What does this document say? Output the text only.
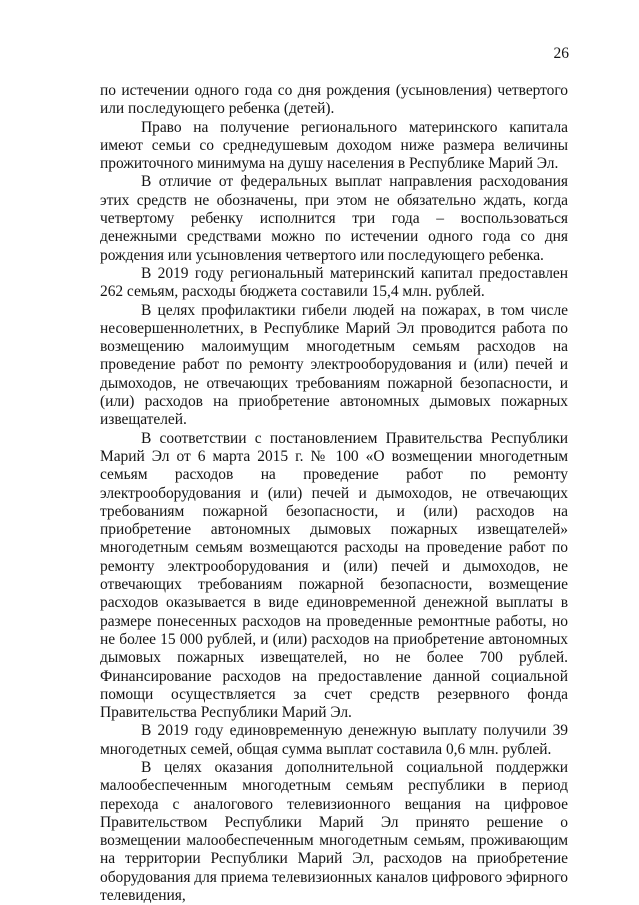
26

по истечении одного года со дня рождения (усыновления) четвертого или последующего ребенка (детей).

Право на получение регионального материнского капитала имеют семьи со среднедушевым доходом ниже размера величины прожиточного минимума на душу населения в Республике Марий Эл.

В отличие от федеральных выплат направления расходования этих средств не обозначены, при этом не обязательно ждать, когда четвертому ребенку исполнится три года – воспользоваться денежными средствами можно по истечении одного года со дня рождения или усыновления четвертого или последующего ребенка.

В 2019 году региональный материнский капитал предоставлен 262 семьям, расходы бюджета составили 15,4 млн. рублей.

В целях профилактики гибели людей на пожарах, в том числе несовершеннолетних, в Республике Марий Эл проводится работа по возмещению малоимущим многодетным семьям расходов на проведение работ по ремонту электрооборудования и (или) печей и дымоходов, не отвечающих требованиям пожарной безопасности, и (или) расходов на приобретение автономных дымовых пожарных извещателей.

В соответствии с постановлением Правительства Республики Марий Эл от 6 марта 2015 г. № 100 «О возмещении многодетным семьям расходов на проведение работ по ремонту электрооборудования и (или) печей и дымоходов, не отвечающих требованиям пожарной безопасности, и (или) расходов на приобретение автономных дымовых пожарных извещателей» многодетным семьям возмещаются расходы на проведение работ по ремонту электрооборудования и (или) печей и дымоходов, не отвечающих требованиям пожарной безопасности, возмещение расходов оказывается в виде единовременной денежной выплаты в размере понесенных расходов на проведенные ремонтные работы, но не более 15 000 рублей, и (или) расходов на приобретение автономных дымовых пожарных извещателей, но не более 700 рублей. Финансирование расходов на предоставление данной социальной помощи осуществляется за счет средств резервного фонда Правительства Республики Марий Эл.

В 2019 году единовременную денежную выплату получили 39 многодетных семей, общая сумма выплат составила 0,6 млн. рублей.

В целях оказания дополнительной социальной поддержки малообеспеченным многодетным семьям республики в период перехода с аналогового телевизионного вещания на цифровое Правительством Республики Марий Эл принято решение о возмещении малообеспеченным многодетным семьям, проживающим на территории Республики Марий Эл, расходов на приобретение оборудования для приема телевизионных каналов цифрового эфирного телевидения,
